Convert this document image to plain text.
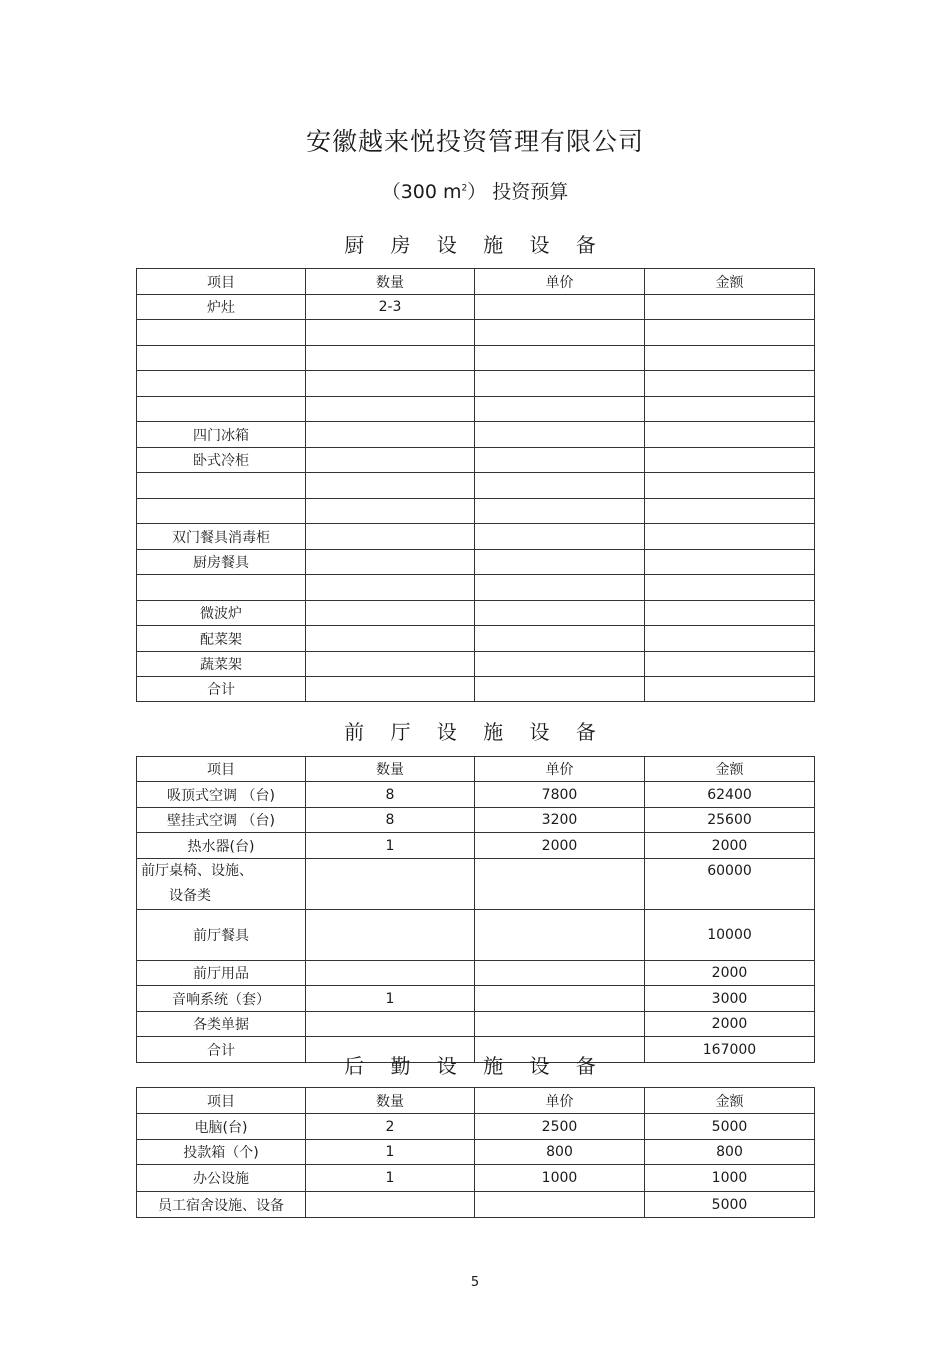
安徽越来悦投资管理有限公司
（300 $m^2$） 投资预算
厨 房 设 施 设 备
项目	数量	单价	金额
炉灶	2-3		

四门冰箱			
卧式冷柜			

双门餐具消毒柜			
厨房餐具			

微波炉			
配菜架			
蔬菜架			
合计			
前 厅 设 施 设 备
项目	数量	单价	金额
吸顶式空调 （台)	8	7800	62400
壁挂式空调 （台)	8	3200	25600
热水器(台)	1	2000	2000

前厅桌椅、设施、
设备类			60000
前厅餐具			10000
前厅用品			2000
音响系统（套）	1		3000
各类单据			2000
合计			167000
后 勤 设 施 设 备
项目	数量	单价	金额
电脑(台)	2	2500	5000
投款箱（个)	1	800	800
办公设施	1	1000	1000
员工宿舍设施、设备			5000
5
